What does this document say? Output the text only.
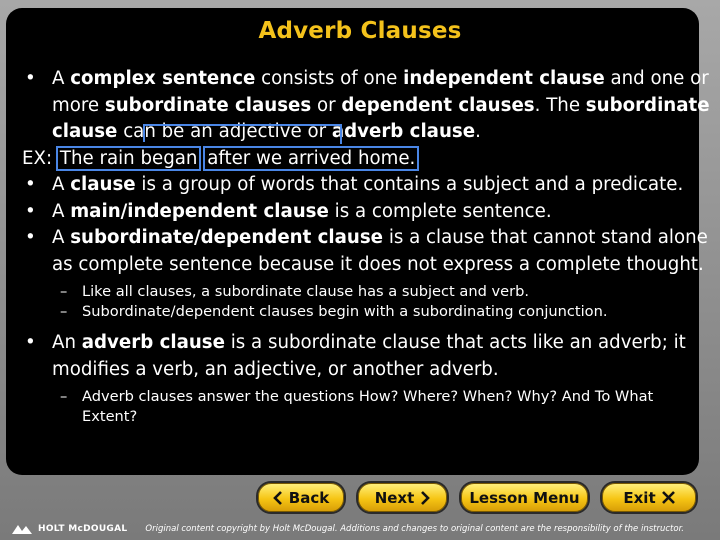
Adverb Clauses
• A complex sentence consists of one independent clause and one or more subordinate clauses or dependent clauses. The subordinate clause can be an adjective or adverb clause.
EX: The rain began after we arrived home.
• A clause is a group of words that contains a subject and a predicate.
• A main/independent clause is a complete sentence.
• A subordinate/dependent clause is a clause that cannot stand alone as complete sentence because it does not express a complete thought.
– Like all clauses, a subordinate clause has a subject and verb.
– Subordinate/dependent clauses begin with a subordinating conjunction.
• An adverb clause is a subordinate clause that acts like an adverb; it modifies a verb, an adjective, or another adverb.
– Adverb clauses answer the questions How? Where? When? Why? And To What Extent?
Back	Next	Lesson Menu	Exit
HOLT McDOUGAL Original content copyright by Holt McDougal. Additions and changes to original content are the responsibility of the instructor.
